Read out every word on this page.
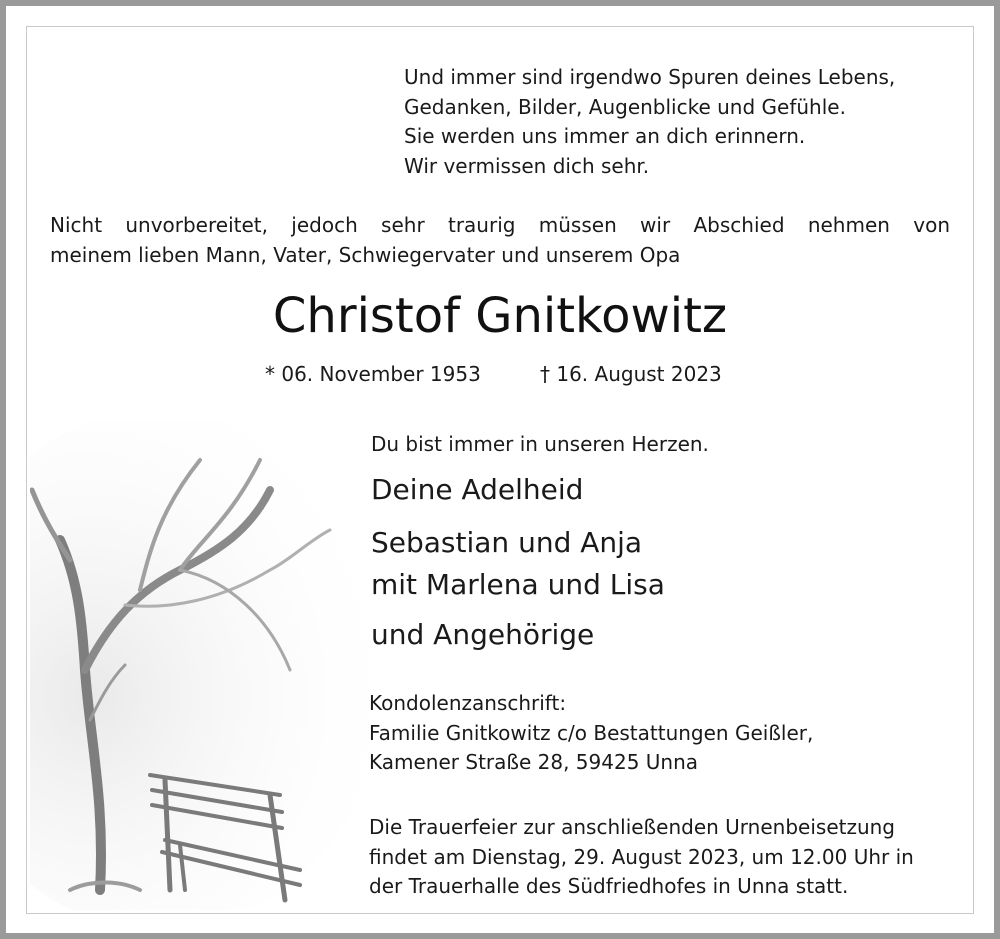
Und immer sind irgendwo Spuren deines Lebens,
Gedanken, Bilder, Augenblicke und Gefühle.
Sie werden uns immer an dich erinnern.
Wir vermissen dich sehr.
Nicht unvorbereitet, jedoch sehr traurig müssen wir Abschied nehmen von
meinem lieben Mann, Vater, Schwiegervater und unserem Opa
Christof Gnitkowitz
* 06. November 1953	† 16. August 2023
Du bist immer in unseren Herzen.
Deine Adelheid
Sebastian und Anja
mit Marlena und Lisa
und Angehörige
Kondolenzanschrift:
Familie Gnitkowitz c/o Bestattungen Geißler,
Kamener Straße 28, 59425 Unna
Die Trauerfeier zur anschließenden Urnenbeisetzung
findet am Dienstag, 29. August 2023, um 12.00 Uhr in
der Trauerhalle des Südfriedhofes in Unna statt.
